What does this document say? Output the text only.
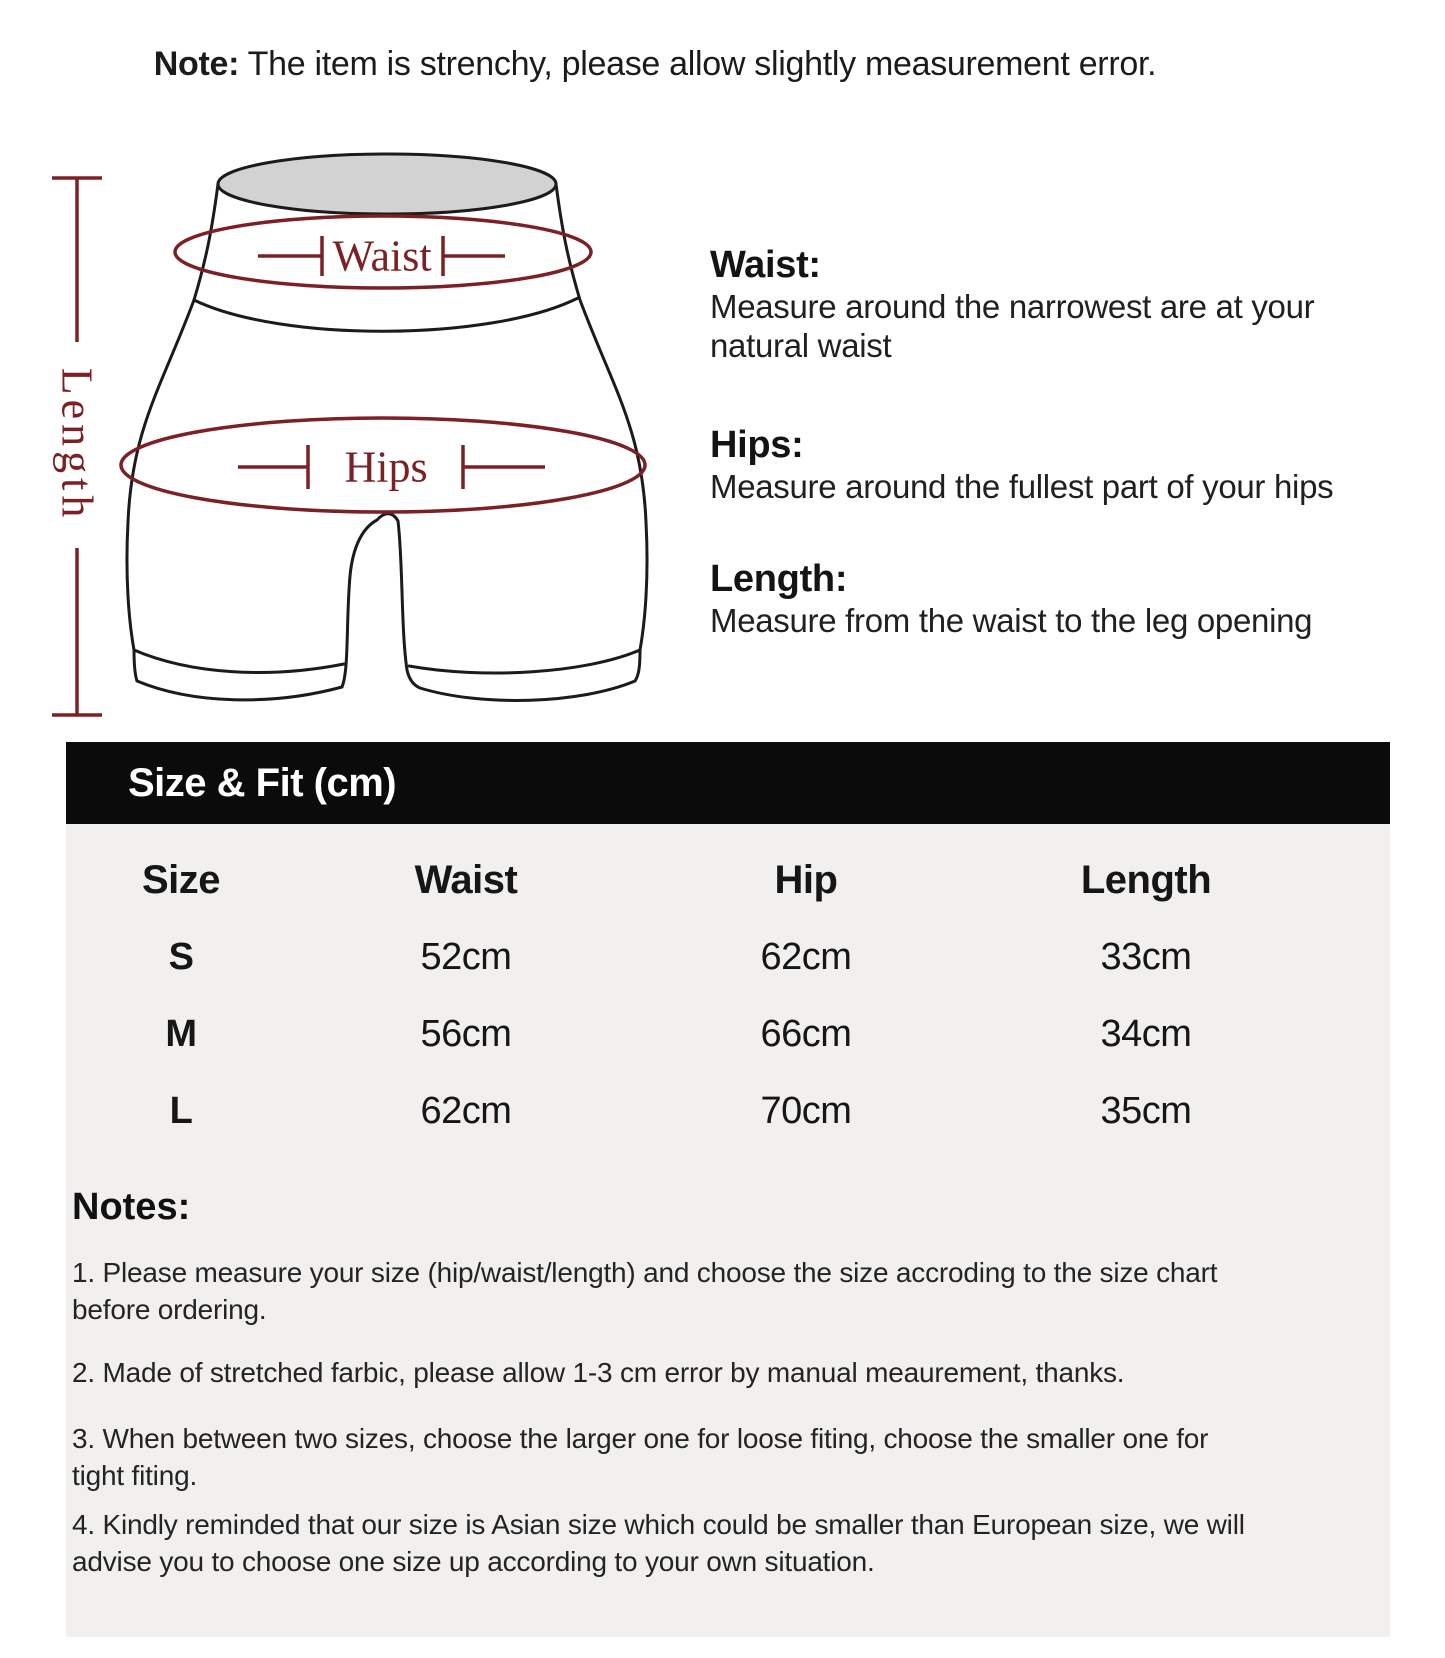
Note: The item is strenchy, please allow slightly measurement error.
Length
Waist
Hips
Waist:
Measure around the narrowest are at your
natural waist
Hips:
Measure around the fullest part of your hips
Length:
Measure from the waist to the leg opening
Size & Fit (cm)
Size	Waist	Hip	Length
S	52cm	62cm	33cm
M	56cm	66cm	34cm
L	62cm	70cm	35cm
Notes:
1. Please measure your size (hip/waist/length) and choose the size accroding to the size chart
before ordering.
2. Made of stretched farbic, please allow 1-3 cm error by manual meaurement, thanks.
3. When between two sizes, choose the larger one for loose fiting, choose the smaller one for
tight fiting.
4. Kindly reminded that our size is Asian size which could be smaller than European size, we will
advise you to choose one size up according to your own situation.
